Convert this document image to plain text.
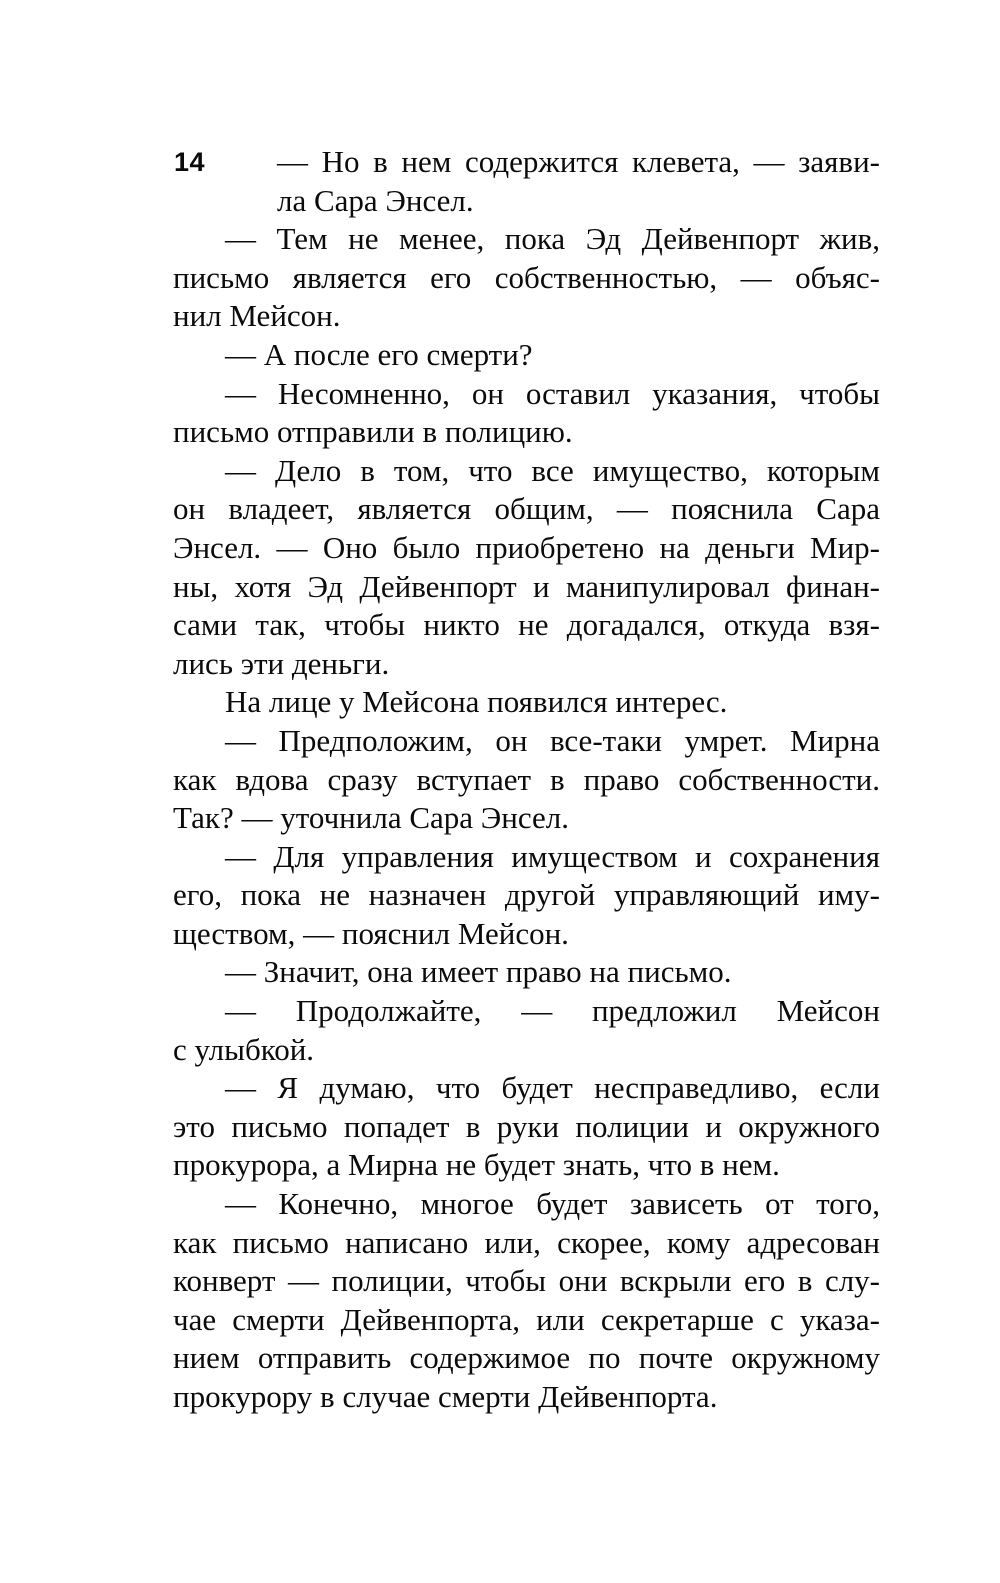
14	— Но в нем содержится клевета, — заяви-
ла Сара Энсел.
— Тем не менее, пока Эд Дейвенпорт жив,
письмо является его собственностью, — объяс-
нил Мейсон.
— А после его смерти?
— Несомненно, он оставил указания, чтобы
письмо отправили в полицию.
— Дело в том, что все имущество, которым
он владеет, является общим, — пояснила Сара
Энсел. — Оно было приобретено на деньги Мир-
ны, хотя Эд Дейвенпорт и манипулировал финан-
сами так, чтобы никто не догадался, откуда взя-
лись эти деньги.
На лице у Мейсона появился интерес.
— Предположим, он все-таки умрет. Мирна
как вдова сразу вступает в право собственности.
Так? — уточнила Сара Энсел.
— Для управления имуществом и сохранения
его, пока не назначен другой управляющий иму-
ществом, — пояснил Мейсон.
— Значит, она имеет право на письмо.
— Продолжайте, — предложил Мейсон
с улыбкой.
— Я думаю, что будет несправедливо, если
это письмо попадет в руки полиции и окружного
прокурора, а Мирна не будет знать, что в нем.
— Конечно, многое будет зависеть от того,
как письмо написано или, скорее, кому адресован
конверт — полиции, чтобы они вскрыли его в слу-
чае смерти Дейвенпорта, или секретарше с указа-
нием отправить содержимое по почте окружному
прокурору в случае смерти Дейвенпорта.
